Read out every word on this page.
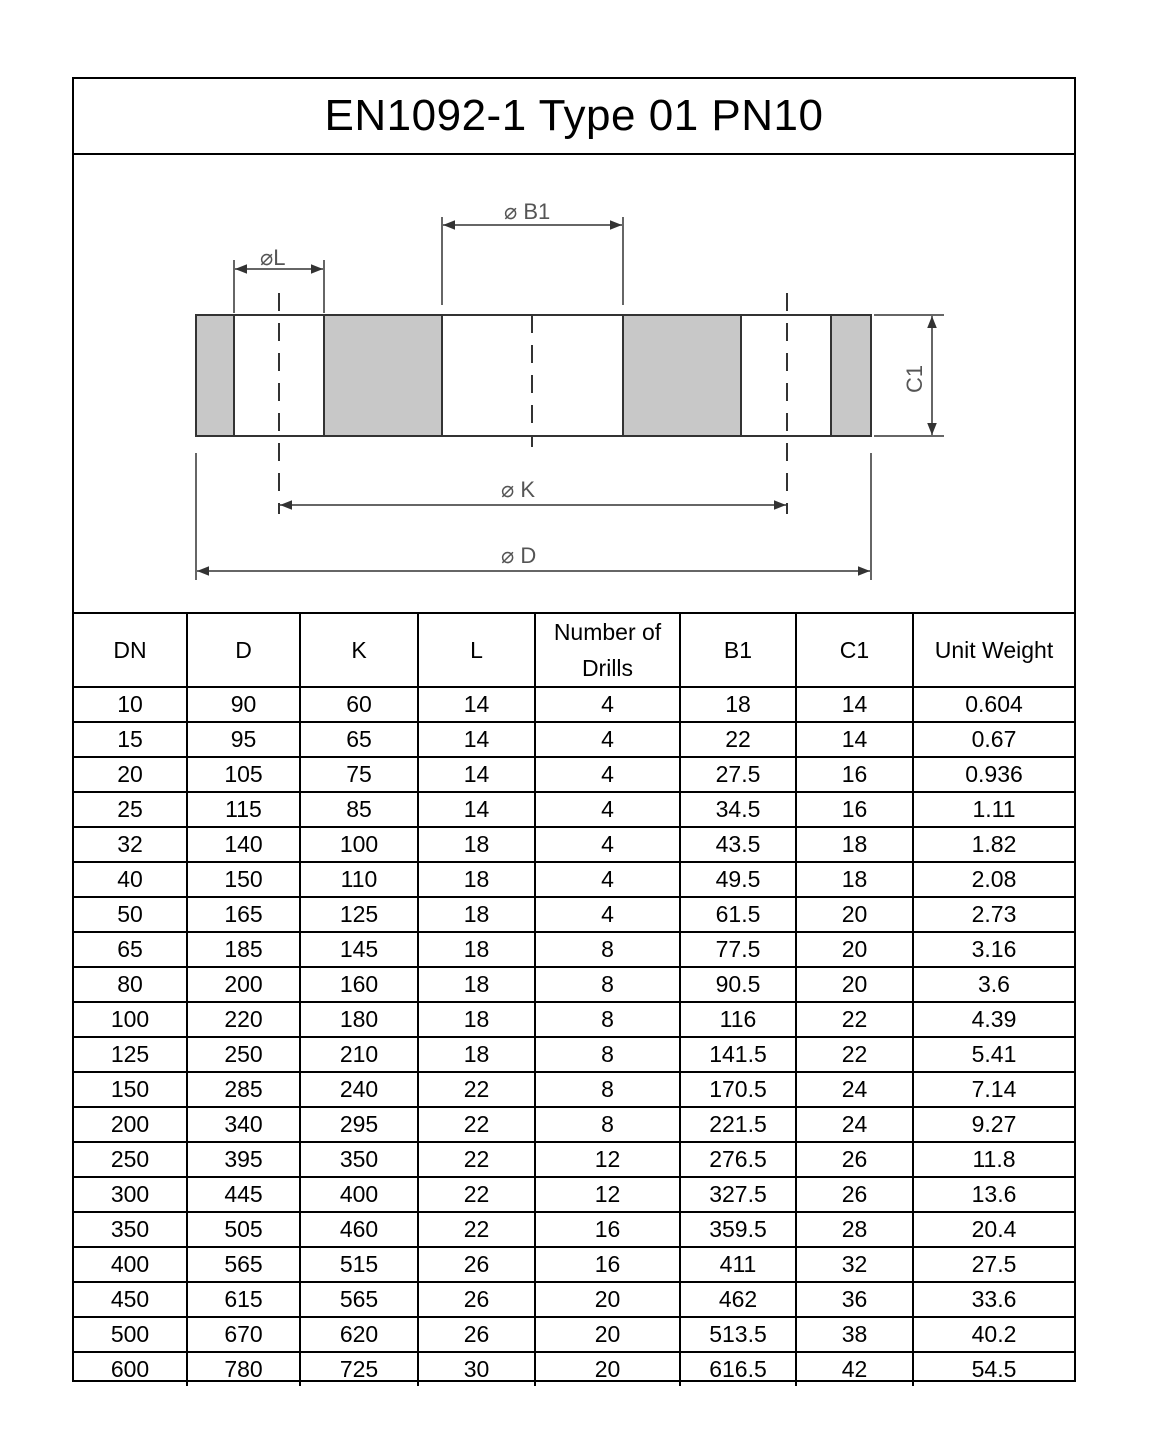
EN1092-1 Type 01 PN10
⌀L
⌀ B1
⌀ K
⌀ D
C1
DN	D	K	L	Number of Drills	B1	C1	Unit Weight
10	90	60	14	4	18	14	0.604
15	95	65	14	4	22	14	0.67
20	105	75	14	4	27.5	16	0.936
25	115	85	14	4	34.5	16	1.11
32	140	100	18	4	43.5	18	1.82
40	150	110	18	4	49.5	18	2.08
50	165	125	18	4	61.5	20	2.73
65	185	145	18	8	77.5	20	3.16
80	200	160	18	8	90.5	20	3.6
100	220	180	18	8	116	22	4.39
125	250	210	18	8	141.5	22	5.41
150	285	240	22	8	170.5	24	7.14
200	340	295	22	8	221.5	24	9.27
250	395	350	22	12	276.5	26	11.8
300	445	400	22	12	327.5	26	13.6
350	505	460	22	16	359.5	28	20.4
400	565	515	26	16	411	32	27.5
450	615	565	26	20	462	36	33.6
500	670	620	26	20	513.5	38	40.2
600	780	725	30	20	616.5	42	54.5
